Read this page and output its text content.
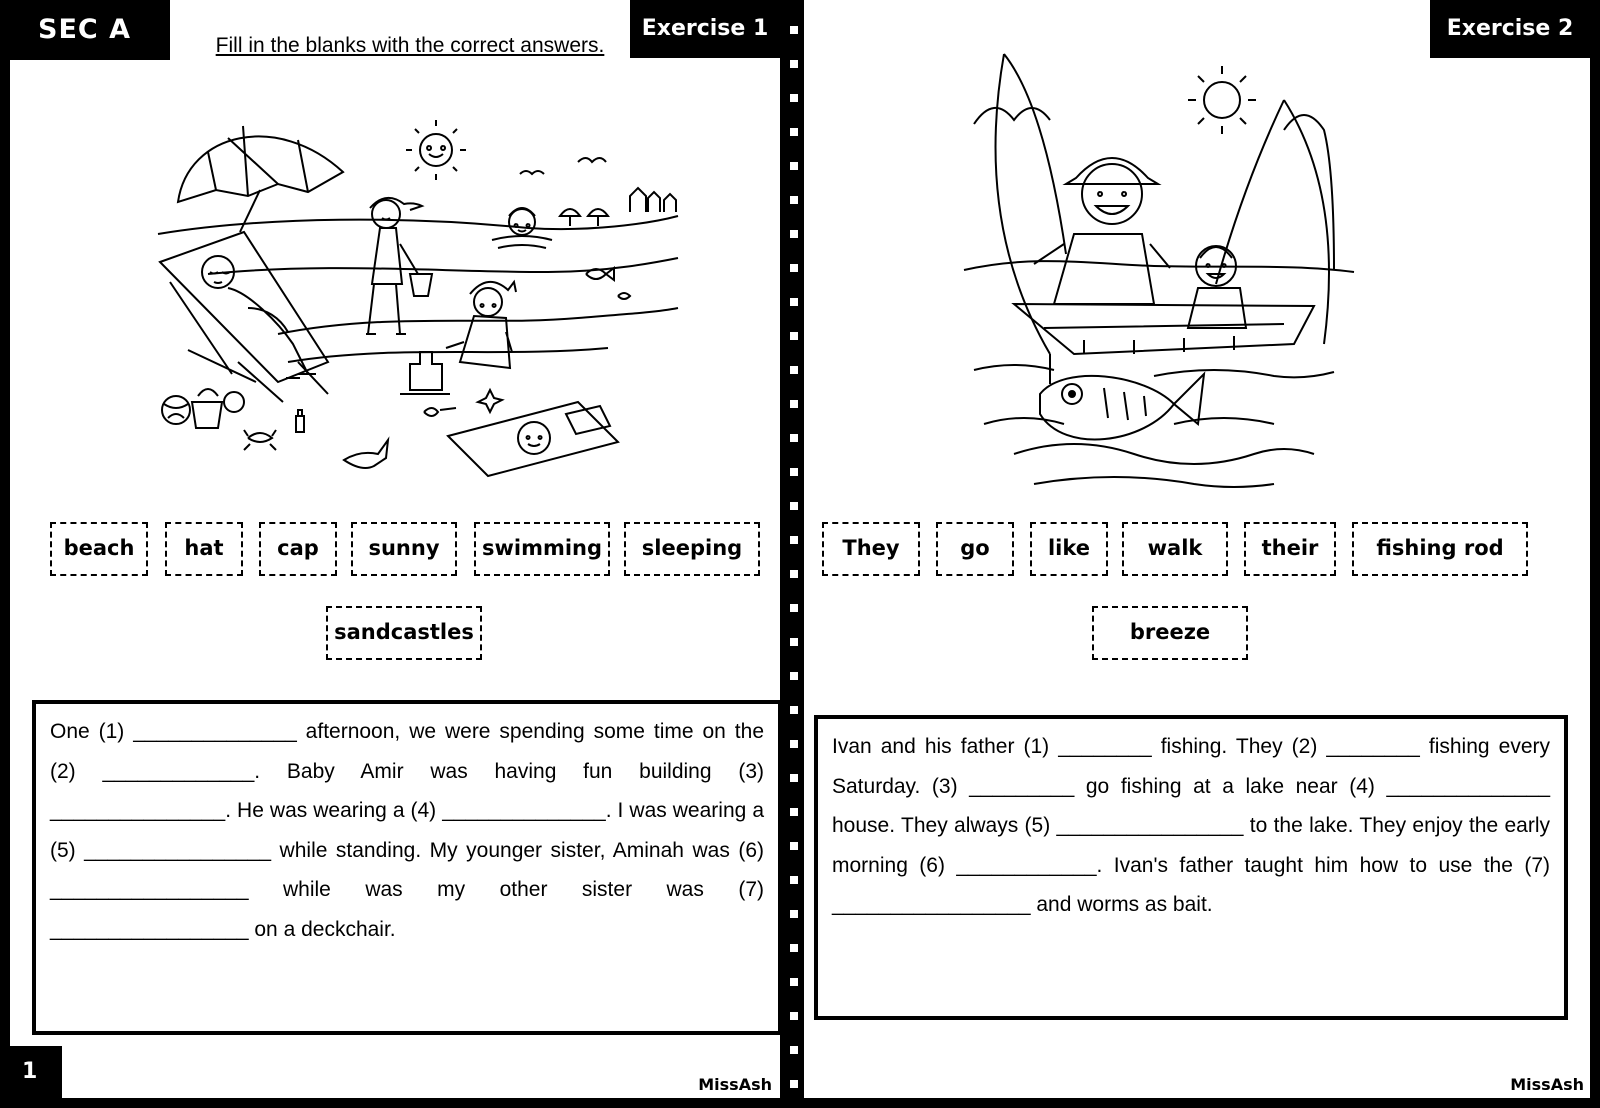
SEC A
Fill in the blanks with the correct answers.
Exercise 1
beach	hat	cap	sunny	swimming	sleeping
sandcastles
One (1) ______________ afternoon, we were spending some time on the (2) _____________. Baby Amir was having fun building (3) _______________. He was wearing a (4) ______________. I was wearing a (5) ________________ while standing. My younger sister, Aminah was (6) _________________ while was my other sister was (7) _________________ on a deckchair.
1
MissAsh
Exercise 2
They	go	like	walk	their	fishing rod
breeze
Ivan and his father (1) ________ fishing. They (2) ________ fishing every Saturday. (3) _________ go fishing at a lake near (4) ______________ house. They always (5) ________________ to the lake. They enjoy the early morning (6) ____________. Ivan's father taught him how to use the (7) _________________ and worms as bait.
MissAsh
